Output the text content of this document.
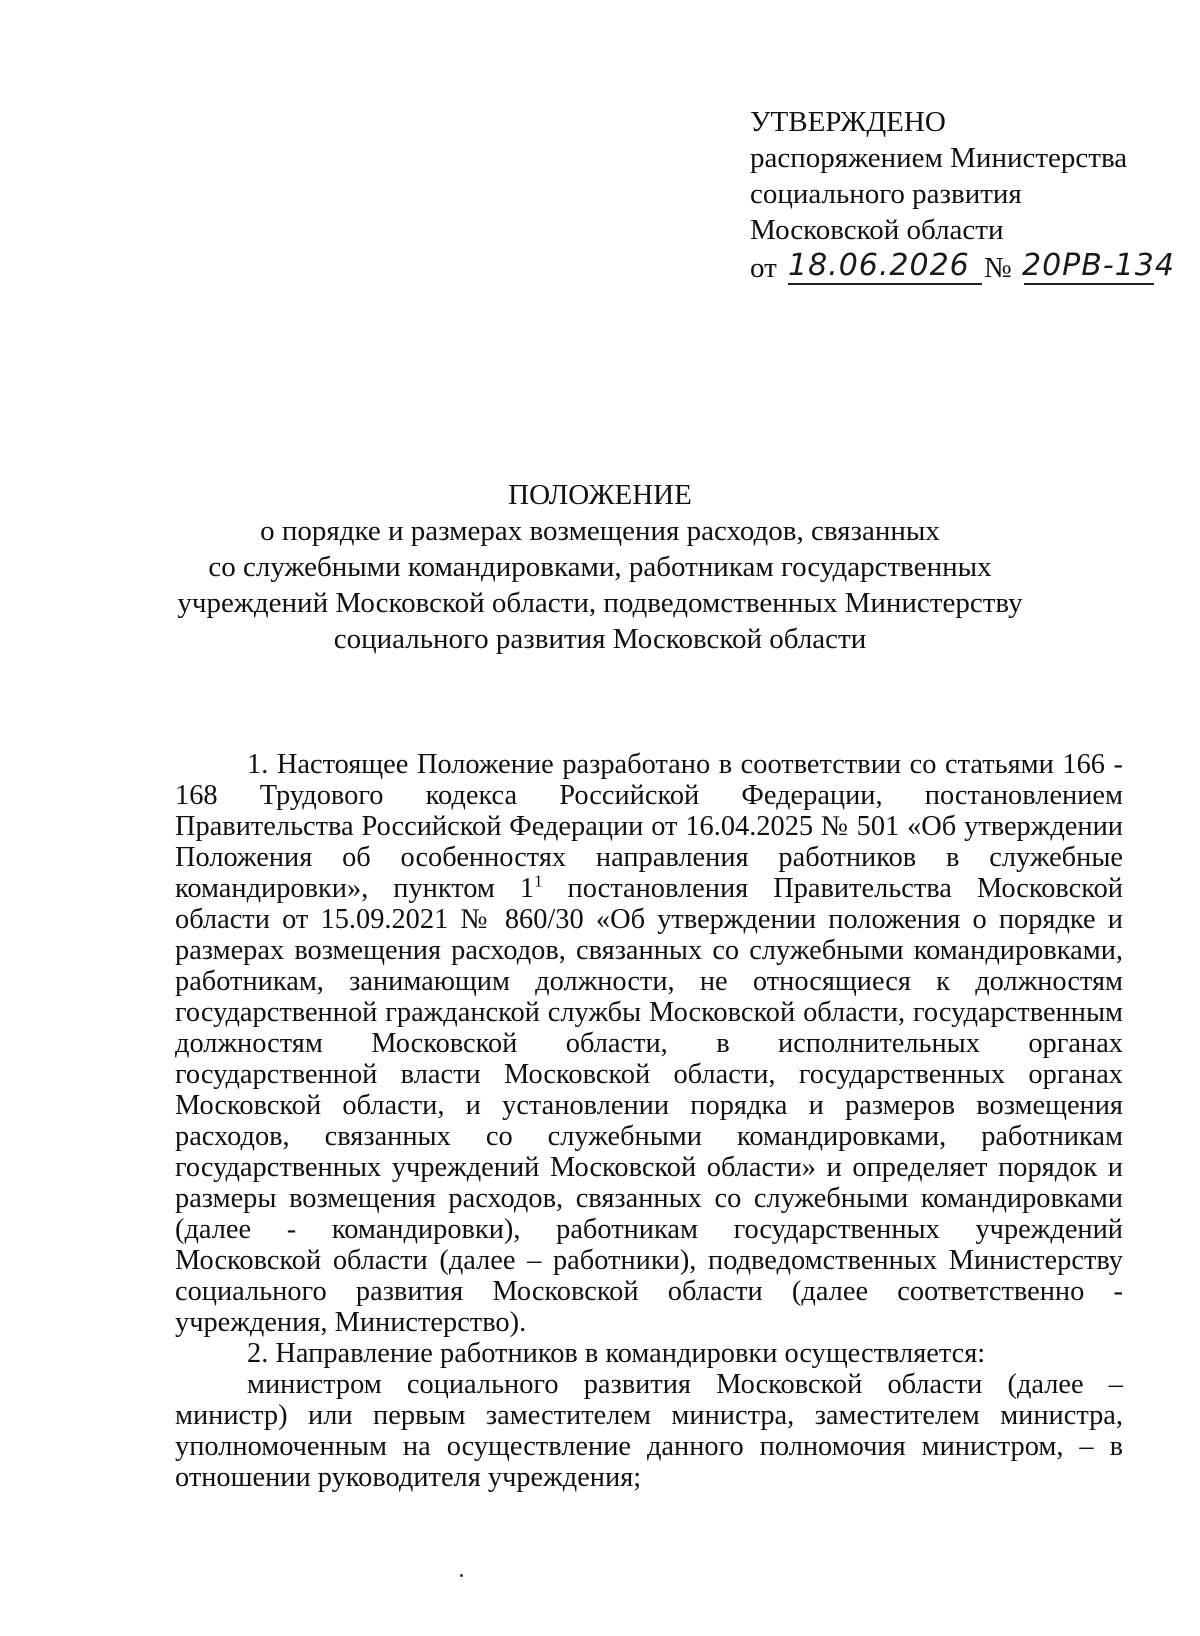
УТВЕРЖДЕНО
распоряжением Министерства
социального развития
Московской области
от 18.06.2026 № 20РВ-134
ПОЛОЖЕНИЕ
о порядке и размерах возмещения расходов, связанных
со служебными командировками, работникам государственных
учреждений Московской области, подведомственных Министерству
социального развития Московской области

1. Настоящее Положение разработано в соответствии со статьями 166 - 168 Трудового кодекса Российской Федерации, постановлением Правительства Российской Федерации от 16.04.2025 № 501 «Об утверждении Положения об особенностях направления работников в служебные командировки», пунктом $1^1$ постановления Правительства Московской области от 15.09.2021 № 860/30 «Об утверждении положения о порядке и размерах возмещения расходов, связанных со служебными командировками, работникам, занимающим должности, не относящиеся к должностям государственной гражданской службы Московской области, государственным должностям Московской области, в исполнительных органах государственной власти Московской области, государственных органах Московской области, и установлении порядка и размеров возмещения расходов, связанных со служебными командировками, работникам государственных учреждений Московской области» и определяет порядок и размеры возмещения расходов, связанных со служебными командировками (далее - командировки), работникам государственных учреждений Московской области (далее – работники), подведомственных Министерству социального развития Московской области (далее соответственно - учреждения, Министерство).

2. Направление работников в командировки осуществляется:

министром социального развития Московской области (далее – министр) или первым заместителем министра, заместителем министра, уполномоченным на осуществление данного полномочия министром, – в отношении руководителя учреждения;
